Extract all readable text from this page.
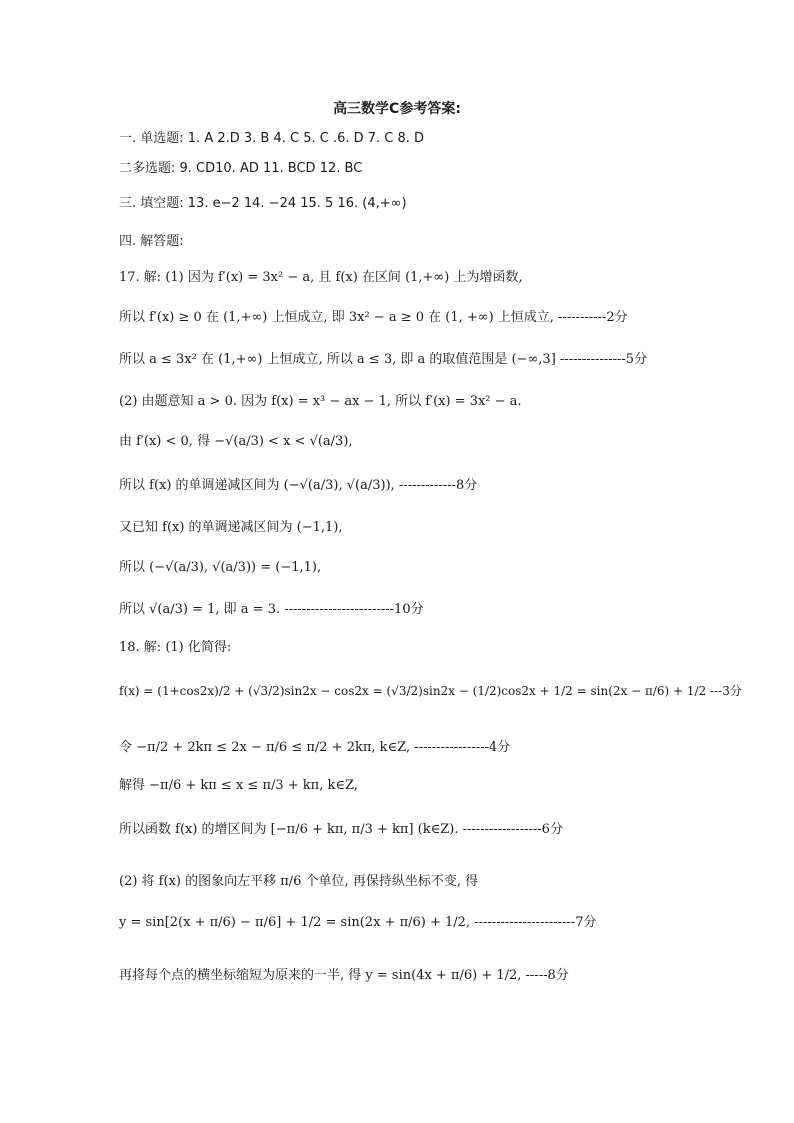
高三数学C参考答案:
一. 单选题: 1. A 2.D 3. B 4. C 5. C .6. D 7. C 8. D
二多选题: 9. CD10. AD 11. BCD 12. BC
三. 填空题: 13. e−2 14. −24 15. 5 16. (4,+∞)
四. 解答题:
17. 解: (1) 因为 f′(x) = 3x² − a, 且 f(x) 在区间 (1,+∞) 上为增函数,
所以 f′(x) ≥ 0 在 (1,+∞) 上恒成立, 即 3x² − a ≥ 0 在 (1, +∞) 上恒成立, -----------2分
所以 a ≤ 3x² 在 (1,+∞) 上恒成立, 所以 a ≤ 3, 即 a 的取值范围是 (−∞,3] ---------------5分
(2) 由题意知 a > 0. 因为 f(x) = x³ − ax − 1, 所以 f′(x) = 3x² − a.
由 f′(x) < 0, 得 −√(a/3) < x < √(a/3),
所以 f(x) 的单调递减区间为 (−√(a/3), √(a/3)), -------------8分
又已知 f(x) 的单调递减区间为 (−1,1),
所以 (−√(a/3), √(a/3)) = (−1,1),
所以 √(a/3) = 1, 即 a = 3. -------------------------10分
18. 解: (1) 化简得:
f(x) = (1+cos2x)/2 + (√3/2)sin2x − cos2x = (√3/2)sin2x − (1/2)cos2x + 1/2 = sin(2x − π/6) + 1/2 ---3分
令 −π/2 + 2kπ ≤ 2x − π/6 ≤ π/2 + 2kπ, k∈Z, -----------------4分
解得 −π/6 + kπ ≤ x ≤ π/3 + kπ, k∈Z,
所以函数 f(x) 的增区间为 [−π/6 + kπ, π/3 + kπ] (k∈Z). ------------------6分
(2) 将 f(x) 的图象向左平移 π/6 个单位, 再保持纵坐标不变, 得
y = sin[2(x + π/6) − π/6] + 1/2 = sin(2x + π/6) + 1/2, -----------------------7分
再将每个点的横坐标缩短为原来的一半, 得 y = sin(4x + π/6) + 1/2, -----8分
